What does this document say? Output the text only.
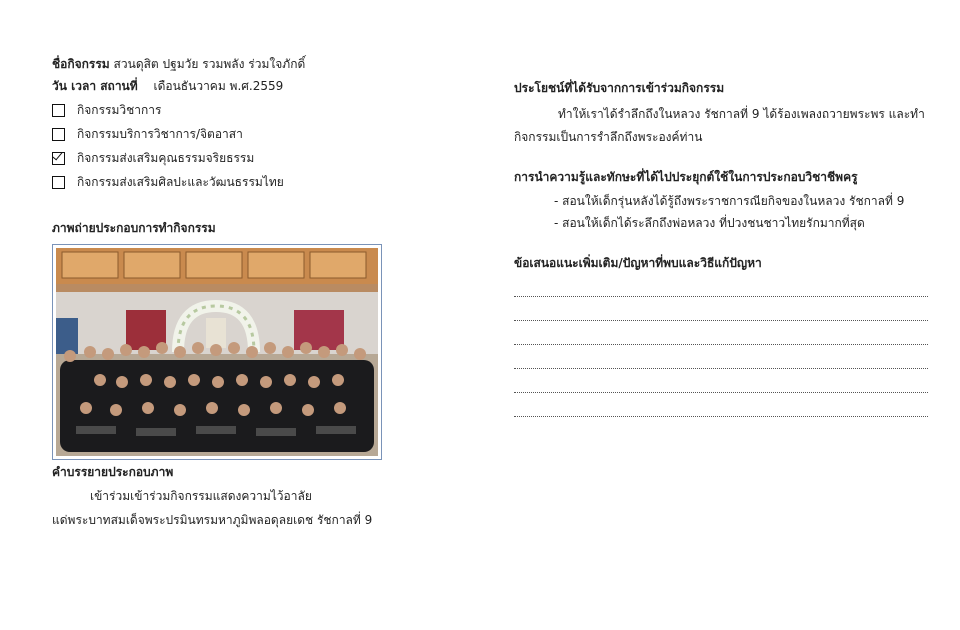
ชื่อกิจกรรม สวนดุสิต ปฐมวัย รวมพลัง ร่วมใจภักดิ์
วัน เวลา สถานที่ เดือนธันวาคม พ.ศ.2559
กิจกรรมวิชาการ
กิจกรรมบริการวิชาการ/จิตอาสา
กิจกรรมส่งเสริมคุณธรรมจริยธรรม
กิจกรรมส่งเสริมศิลปะและวัฒนธรรมไทย
ภาพถ่ายประกอบการทำกิจกรรม
คำบรรยายประกอบภาพ
เข้าร่วมเข้าร่วมกิจกรรมแสดงความไว้อาลัย
แด่พระบาทสมเด็จพระปรมินทรมหาภูมิพลอดุลยเดช รัชกาลที่ 9
ประโยชน์ที่ได้รับจากการเข้าร่วมกิจกรรม
ทำให้เราได้รำลึกถึงในหลวง รัชกาลที่ 9 ได้ร้องเพลงถวายพระพร และทำ
กิจกรรมเป็นการรำลึกถึงพระองค์ท่าน
การนำความรู้และทักษะที่ได้ไปประยุกต์ใช้ในการประกอบวิชาชีพครู
- สอนให้เด็กรุ่นหลังได้รู้ถึงพระราชการณียกิจของในหลวง รัชกาลที่ 9
- สอนให้เด็กได้ระลึกถึงพ่อหลวง ที่ปวงชนชาวไทยรักมากที่สุด
ข้อเสนอแนะเพิ่มเติม/ปัญหาที่พบและวิธีแก้ปัญหา
